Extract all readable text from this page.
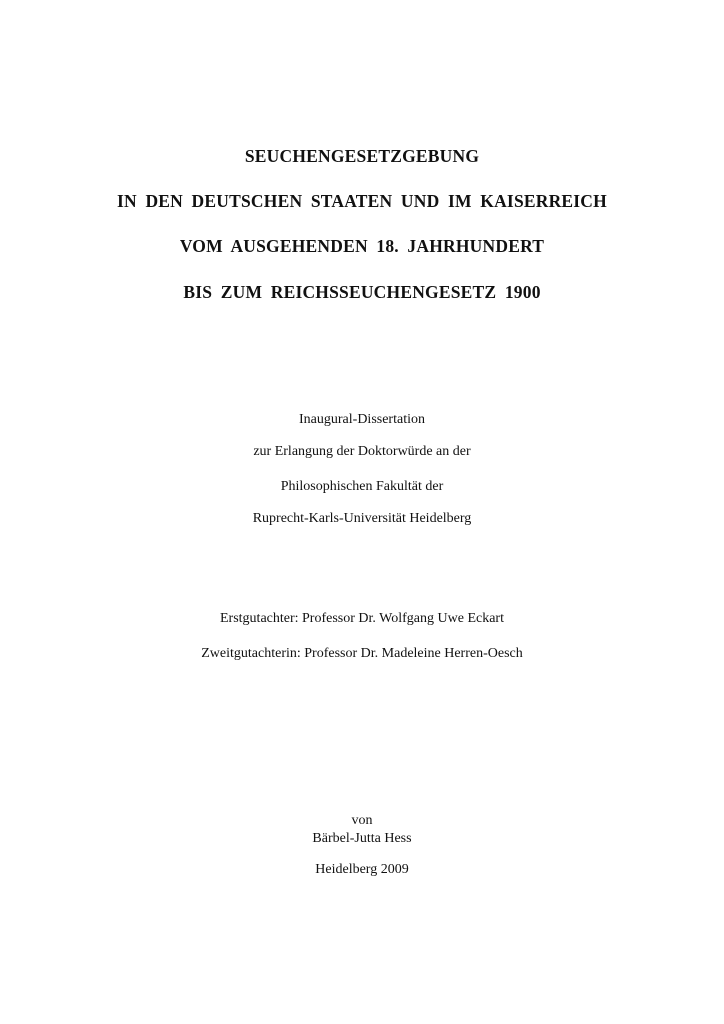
SEUCHENGESETZGEBUNG
IN DEN DEUTSCHEN STAATEN UND IM KAISERREICH
VOM AUSGEHENDEN 18. JAHRHUNDERT
BIS ZUM REICHSSEUCHENGESETZ 1900
Inaugural-Dissertation
zur Erlangung der Doktorwürde an der
Philosophischen Fakultät der
Ruprecht-Karls-Universität Heidelberg
Erstgutachter: Professor Dr. Wolfgang Uwe Eckart
Zweitgutachterin: Professor Dr. Madeleine Herren-Oesch
von
Bärbel-Jutta Hess
Heidelberg 2009
